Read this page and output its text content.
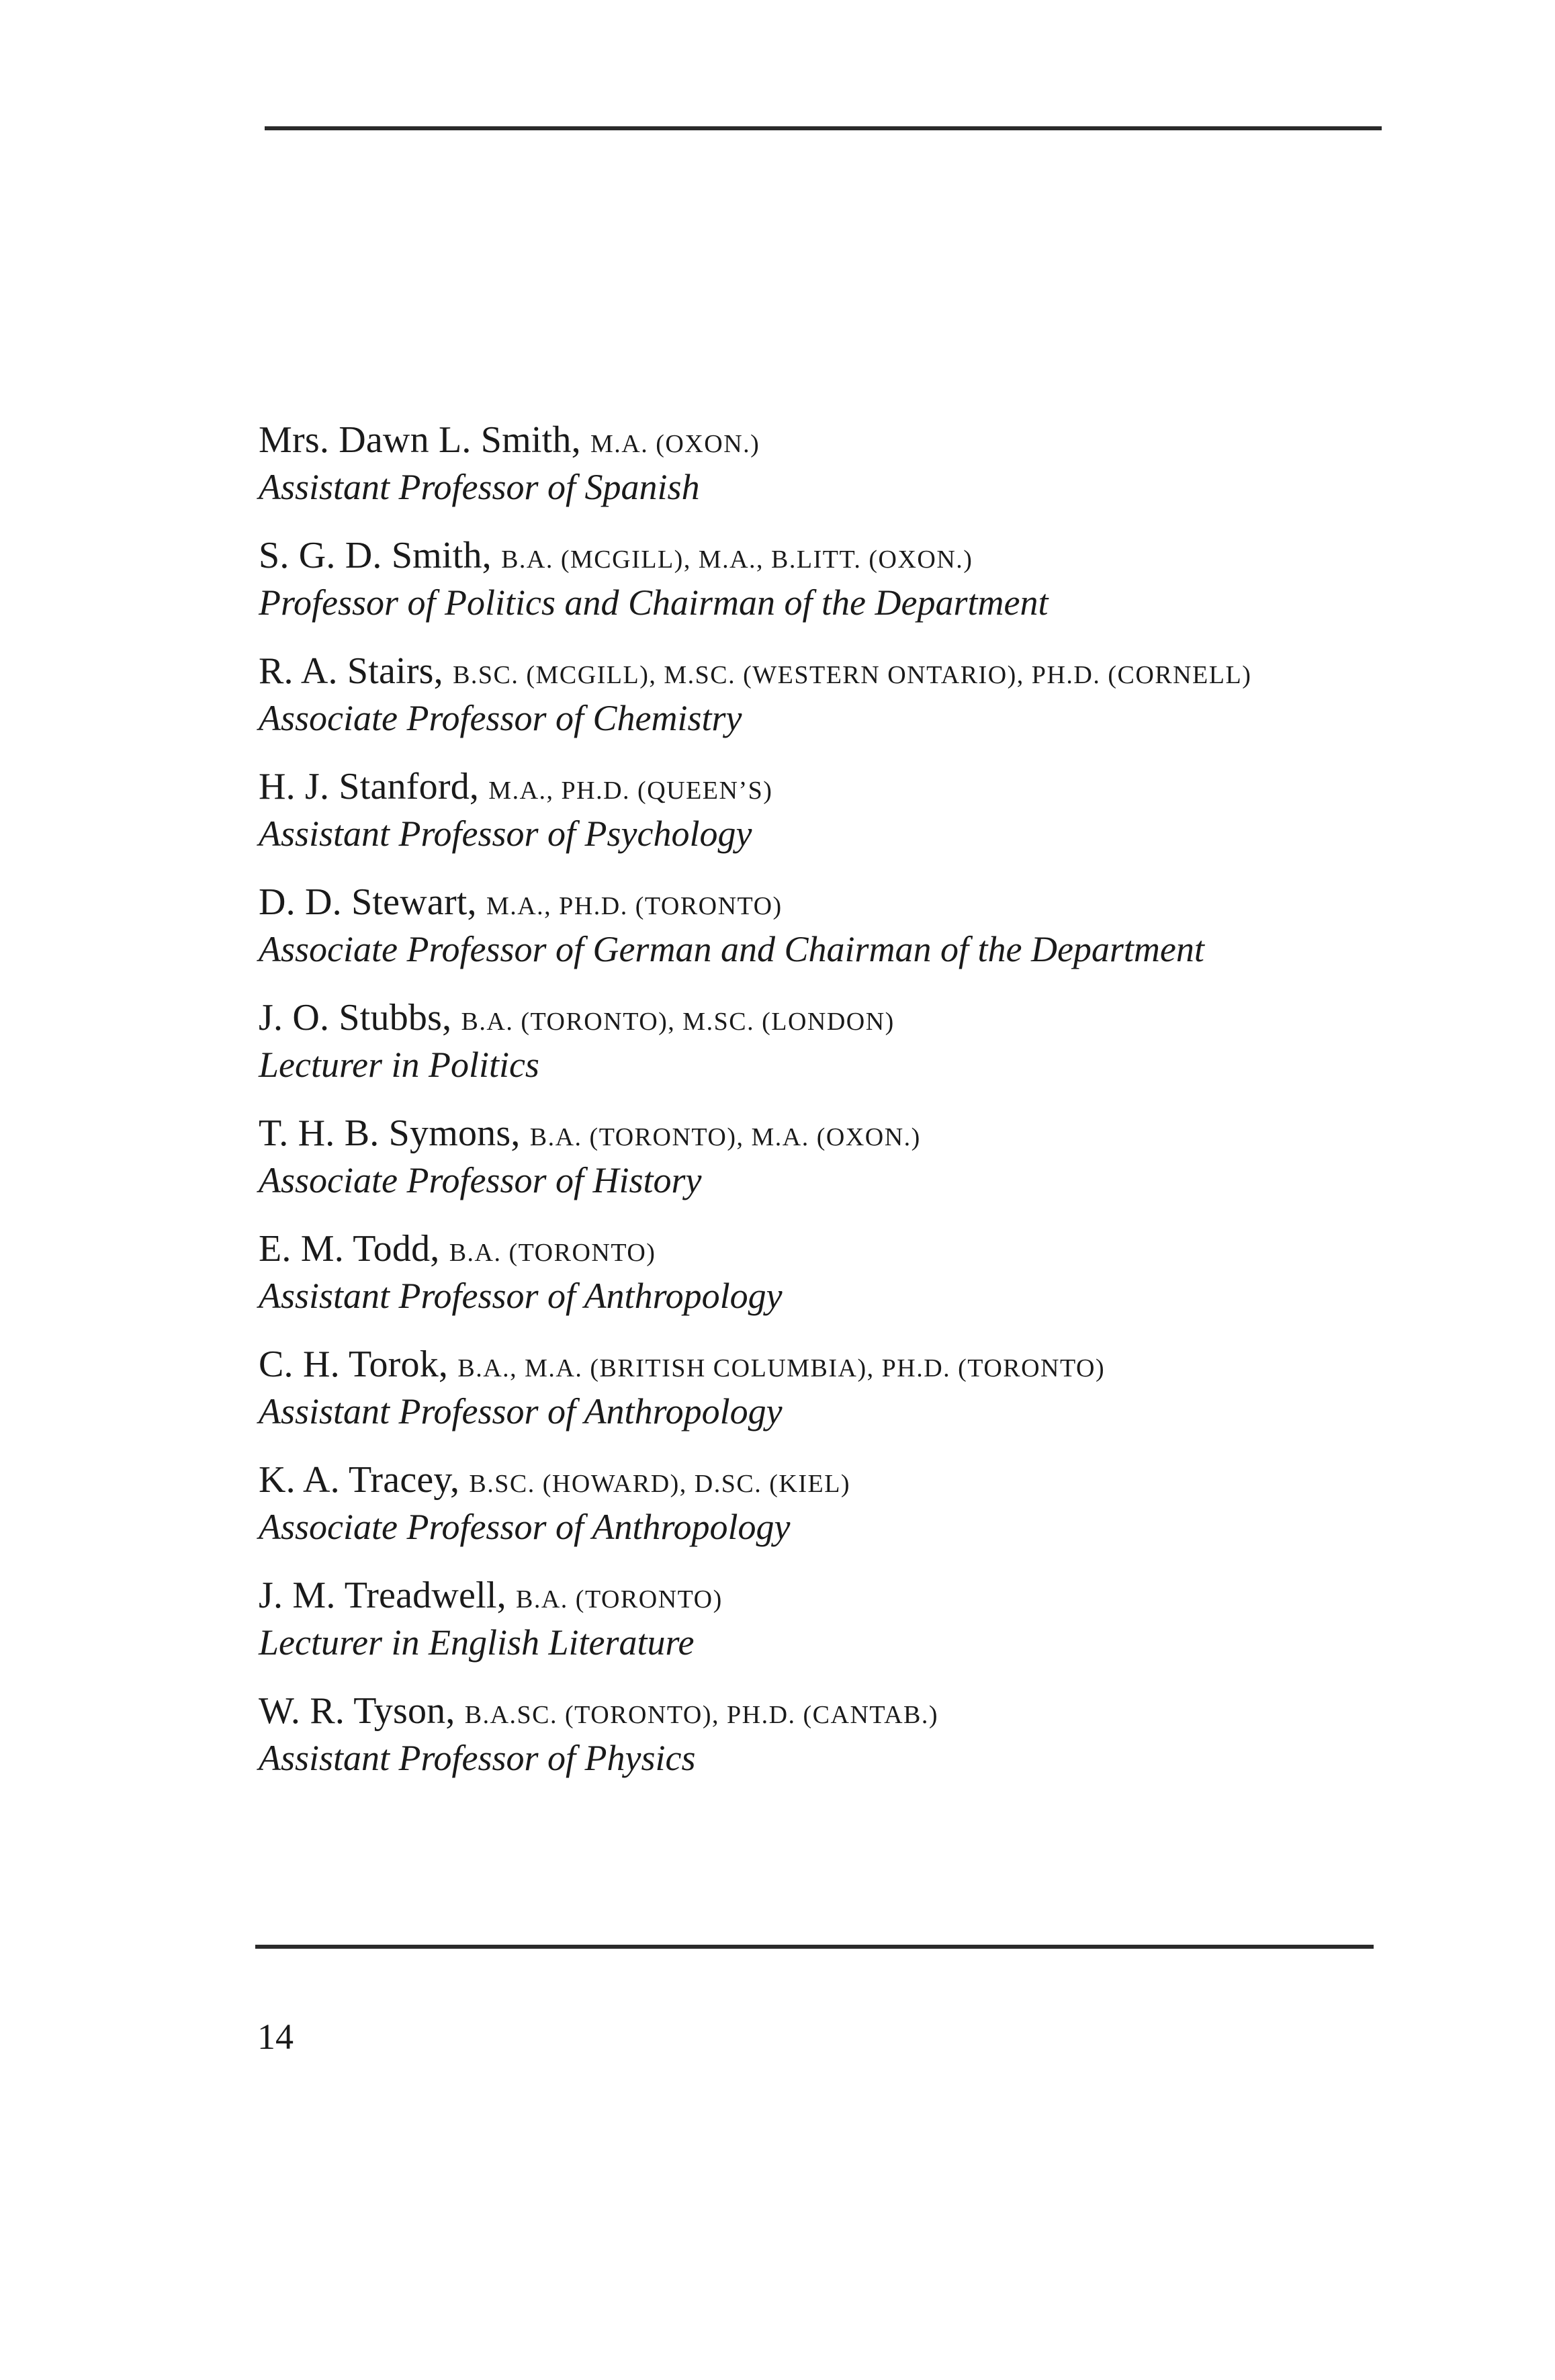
Mrs. Dawn L. Smith, M.A. (OXON.)
Assistant Professor of Spanish
S. G. D. Smith, B.A. (MCGILL), M.A., B.LITT. (OXON.)
Professor of Politics and Chairman of the Department
R. A. Stairs, B.SC. (MCGILL), M.SC. (WESTERN ONTARIO), PH.D. (CORNELL)
Associate Professor of Chemistry
H. J. Stanford, M.A., PH.D. (QUEEN’S)
Assistant Professor of Psychology
D. D. Stewart, M.A., PH.D. (TORONTO)
Associate Professor of German and Chairman of the Department
J. O. Stubbs, B.A. (TORONTO), M.SC. (LONDON)
Lecturer in Politics
T. H. B. Symons, B.A. (TORONTO), M.A. (OXON.)
Associate Professor of History
E. M. Todd, B.A. (TORONTO)
Assistant Professor of Anthropology
C. H. Torok, B.A., M.A. (BRITISH COLUMBIA), PH.D. (TORONTO)
Assistant Professor of Anthropology
K. A. Tracey, B.SC. (HOWARD), D.SC. (KIEL)
Associate Professor of Anthropology
J. M. Treadwell, B.A. (TORONTO)
Lecturer in English Literature
W. R. Tyson, B.A.SC. (TORONTO), PH.D. (CANTAB.)
Assistant Professor of Physics
14
